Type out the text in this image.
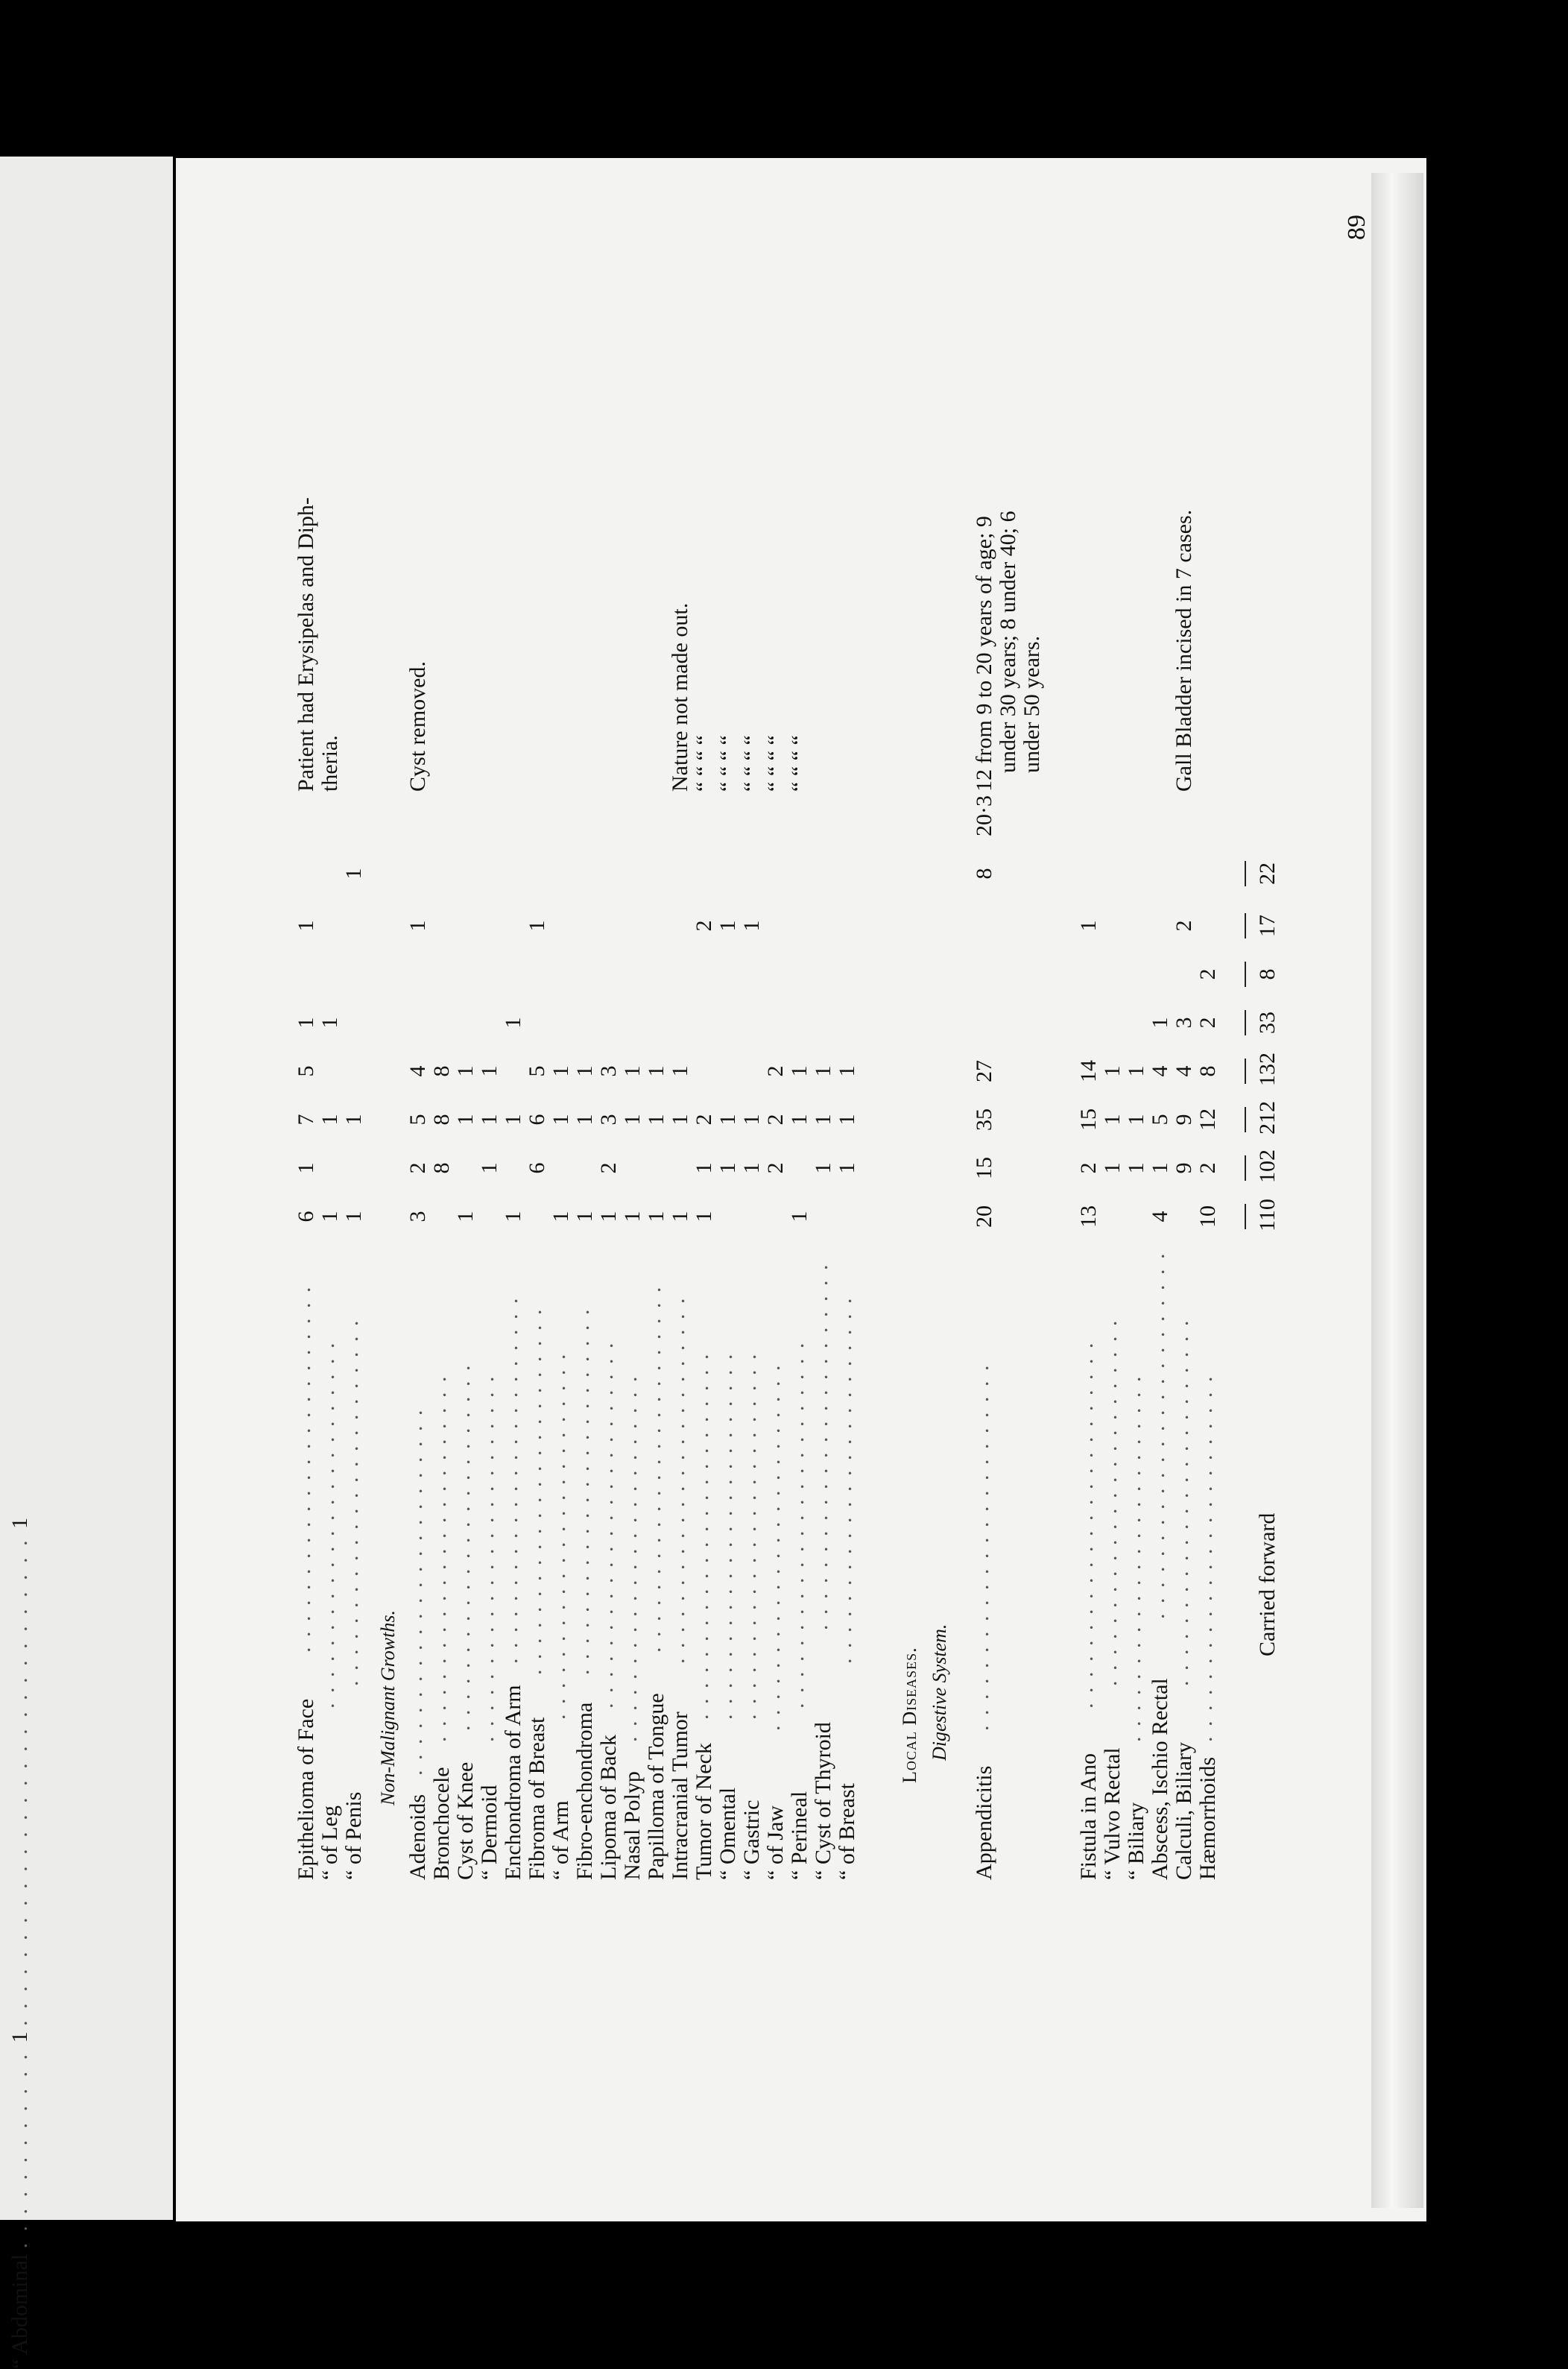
“ Abdominal . . . . . . . . . . . . 1 . . . . . . . . . . . . . . . . . . . . . . . . . . . . . 1
89
Epithelioma of Face
. . . . . . . . . . . . . . . . . . . . . . . .
6
1
7
5
1
1
Patient had Erysipelas and Diph-
“ of Leg
. . . . . . . . . . . . . . . . . . . . . . . .
1
1
1
theria.
“ of Penis
. . . . . . . . . . . . . . . . . . . . . . . .
1
1
1
Non-Malignant Growths.
Adenoids
. . . . . . . . . . . . . . . . . . . . . . . .
3
2
5
4
1
Cyst removed.
Bronchocele
. . . . . . . . . . . . . . . . . . . . . . . .
8
8
8
Cyst of Knee
. . . . . . . . . . . . . . . . . . . . . . . .
1
1
1
“ Dermoid
. . . . . . . . . . . . . . . . . . . . . . . .
1
1
1
Enchondroma of Arm
. . . . . . . . . . . . . . . . . . . . . . . .
1
1
1
Fibroma of Breast
. . . . . . . . . . . . . . . . . . . . . . . .
6
6
5
1
“ of Arm
. . . . . . . . . . . . . . . . . . . . . . . .
1
1
1
Fibro-enchondroma
. . . . . . . . . . . . . . . . . . . . . . . .
1
1
1
Lipoma of Back
. . . . . . . . . . . . . . . . . . . . . . . .
1
2
3
3
Nasal Polyp
. . . . . . . . . . . . . . . . . . . . . . . .
1
1
1
Papilloma of Tongue
. . . . . . . . . . . . . . . . . . . . . . . .
1
1
1
Intracranial Tumor
. . . . . . . . . . . . . . . . . . . . . . . .
1
1
1
Nature not made out.
Tumor of Neck
. . . . . . . . . . . . . . . . . . . . . . . .
1
1
2
2
“ “ “ “
“ Omental
. . . . . . . . . . . . . . . . . . . . . . . .
1
1
1
“ “ “ “
“ Gastric
. . . . . . . . . . . . . . . . . . . . . . . .
1
1
1
“ “ “ “
“ of Jaw
. . . . . . . . . . . . . . . . . . . . . . . .
2
2
2
“ “ “ “
“ Perineal
. . . . . . . . . . . . . . . . . . . . . . . .
1
1
1
“ “ “ “
“ Cyst of Thyroid
. . . . . . . . . . . . . . . . . . . . . . . .
1
1
1
“ of Breast
. . . . . . . . . . . . . . . . . . . . . . . .
1
1
1
Local Diseases. Digestive System.
Appendicitis
. . . . . . . . . . . . . . . . . . . . . . . .
20
15
35
27
8
20·3
12 from 9 to 20 years of age; 9 under 30 years; 8 under 40; 6 under 50 years.
Fistula in Ano
. . . . . . . . . . . . . . . . . . . . . . . .
13
2
15
14
1
“ Vulvo Rectal
. . . . . . . . . . . . . . . . . . . . . . . .
1
1
1
“ Biliary
. . . . . . . . . . . . . . . . . . . . . . . .
1
1
1
Abscess, Ischio Rectal
. . . . . . . . . . . . . . . . . . . . . . . .
4
1
5
4
1
Calculi, Biliary
. . . . . . . . . . . . . . . . . . . . . . . .
9
9
4
3
2
Gall Bladder incised in 7 cases.
Hæmorrhoids
. . . . . . . . . . . . . . . . . . . . . . . .
10
2
12
8
2
2
Carried forward
110
102
212
132
33
8
17
22
